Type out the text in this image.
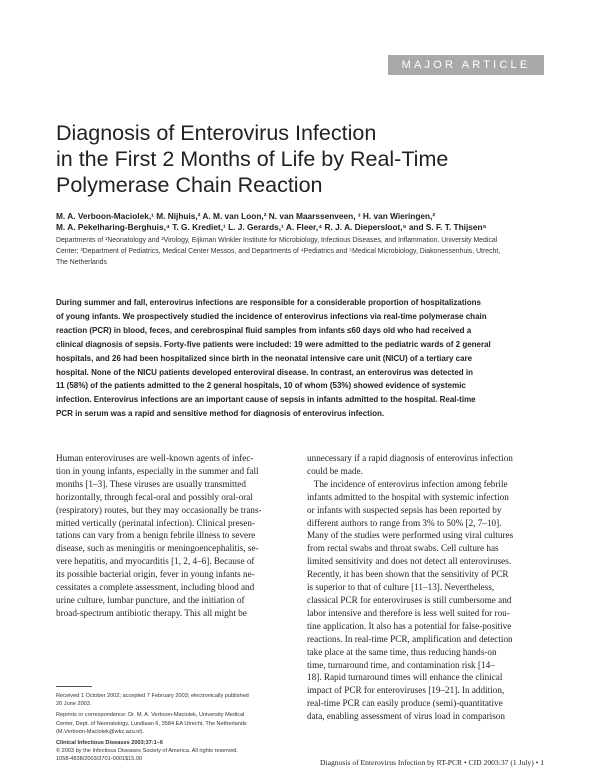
MAJOR ARTICLE
Diagnosis of Enterovirus Infection
in the First 2 Months of Life by Real-Time
Polymerase Chain Reaction
M. A. Verboon-Maciolek,¹ M. Nijhuis,² A. M. van Loon,² N. van Maarssenveen, ³ H. van Wieringen,²
M. A. Pekelharing-Berghuis,⁴ T. G. Krediet,¹ L. J. Gerards,¹ A. Fleer,⁴ R. J. A. Diepersloot,⁵ and S. F. T. Thijsen⁵
Departments of ¹Neonatology and ²Virology, Eijkman Winkler Institute for Microbiology, Infectious Diseases, and Inflammation, University Medical
Center; ³Department of Pediatrics, Medical Center Messos, and Departments of ⁴Pediatrics and ⁵Medical Microbiology, Diakonessenhuis, Utrecht,
The Netherlands
During summer and fall, enterovirus infections are responsible for a considerable proportion of hospitalizations
of young infants. We prospectively studied the incidence of enterovirus infections via real-time polymerase chain
reaction (PCR) in blood, feces, and cerebrospinal fluid samples from infants ≤60 days old who had received a
clinical diagnosis of sepsis. Forty-five patients were included: 19 were admitted to the pediatric wards of 2 general
hospitals, and 26 had been hospitalized since birth in the neonatal intensive care unit (NICU) of a tertiary care
hospital. None of the NICU patients developed enteroviral disease. In contrast, an enterovirus was detected in
11 (58%) of the patients admitted to the 2 general hospitals, 10 of whom (53%) showed evidence of systemic
infection. Enterovirus infections are an important cause of sepsis in infants admitted to the hospital. Real-time
PCR in serum was a rapid and sensitive method for diagnosis of enterovirus infection.
Human enteroviruses are well-known agents of infec-
tion in young infants, especially in the summer and fall
months [1–3]. These viruses are usually transmitted
horizontally, through fecal-oral and possibly oral-oral
(respiratory) routes, but they may occasionally be trans-
mitted vertically (perinatal infection). Clinical presen-
tations can vary from a benign febrile illness to severe
disease, such as meningitis or meningoencephalitis, se-
vere hepatitis, and myocarditis [1, 2, 4–6]. Because of
its possible bacterial origin, fever in young infants ne-
cessitates a complete assessment, including blood and
urine culture, lumbar puncture, and the initiation of
broad-spectrum antibiotic therapy. This all might be

Received 1 October 2002; accepted 7 February 2003; electronically published
20 June 2003.

Reprints or correspondence: Dr. M. A. Verboon-Maciolek, University Medical
Center, Dept. of Neonatology, Lundlaan 6, 3584 EA Utrecht, The Netherlands
(M.Verboon-Maciolek@wkz.azu.nl).

Clinical Infectious Diseases 2003;37:1–6
© 2003 by the Infectious Diseases Society of America. All rights reserved.
1058-4838/2003/3701-0001$15.00
unnecessary if a rapid diagnosis of enterovirus infection
could be made.
The incidence of enterovirus infection among febrile
infants admitted to the hospital with systemic infection
or infants with suspected sepsis has been reported by
different authors to range from 3% to 50% [2, 7–10].
Many of the studies were performed using viral cultures
from rectal swabs and throat swabs. Cell culture has
limited sensitivity and does not detect all enteroviruses.
Recently, it has been shown that the sensitivity of PCR
is superior to that of culture [11–13]. Nevertheless,
classical PCR for enteroviruses is still cumbersome and
labor intensive and therefore is less well suited for rou-
tine application. It also has a potential for false-positive
reactions. In real-time PCR, amplification and detection
take place at the same time, thus reducing hands-on
time, turnaround time, and contamination risk [14–
18]. Rapid turnaround times will enhance the clinical
impact of PCR for enteroviruses [19–21]. In addition,
real-time PCR can easily produce (semi)-quantitative
data, enabling assessment of virus load in comparison
Diagnosis of Enterovirus Infection by RT-PCR • CID 2003:37 (1 July) • 1
